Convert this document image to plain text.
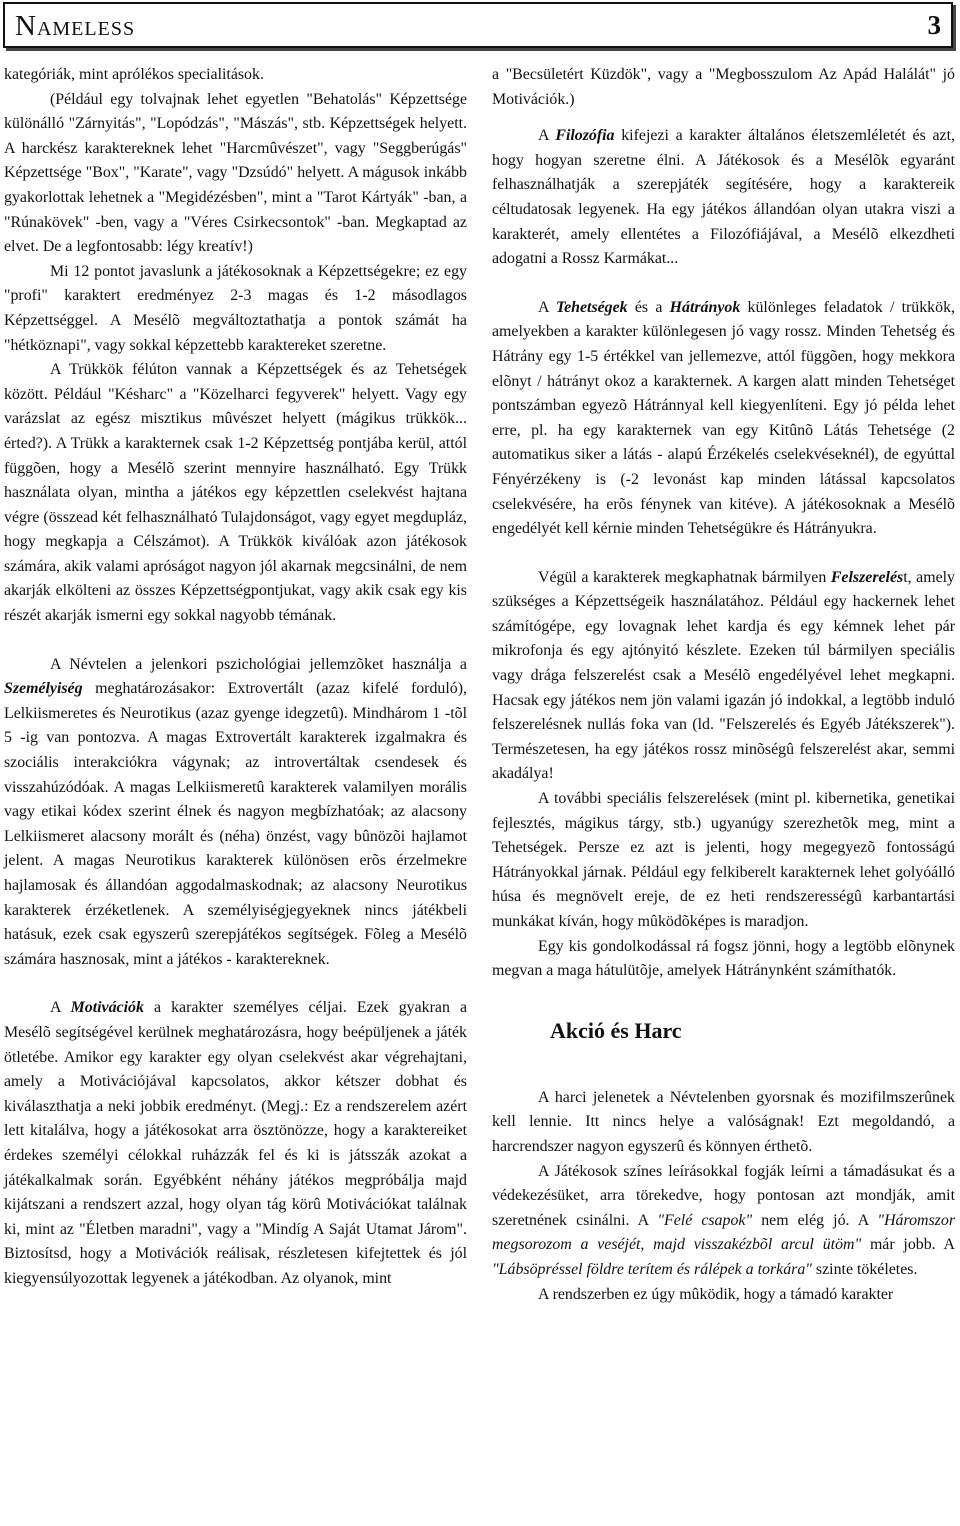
Nameless	3

kategóriák, mint aprólékos specialitások.

(Például egy tolvajnak lehet egyetlen "Behatolás" Képzettsége különálló "Zárnyitás", "Lopódzás", "Mászás", stb. Képzettségek helyett. A harckész karaktereknek lehet "Harcmûvészet", vagy "Seggberúgás" Képzettsége "Box", "Karate", vagy "Dzsúdó" helyett. A mágusok inkább gyakorlottak lehetnek a "Megidézésben", mint a "Tarot Kártyák" -ban, a "Rúnakövek" -ben, vagy a "Véres Csirkecsontok" -ban. Megkaptad az elvet. De a legfontosabb: légy kreatív!)

Mi 12 pontot javaslunk a játékosoknak a Képzettségekre; ez egy "profi" karaktert eredményez 2-3 magas és 1-2 másodlagos Képzettséggel. A Mesélõ megváltoztathatja a pontok számát ha "hétköznapi", vagy sokkal képzettebb karaktereket szeretne.

A Trükkök félúton vannak a Képzettségek és az Tehetségek között. Például "Késharc" a "Közelharci fegyverek" helyett. Vagy egy varázslat az egész misztikus mûvészet helyett (mágikus trükkök... érted?). A Trükk a karakternek csak 1-2 Képzettség pontjába kerül, attól függõen, hogy a Mesélõ szerint mennyire használható. Egy Trükk használata olyan, mintha a játékos egy képzettlen cselekvést hajtana végre (összead két felhasználható Tulajdonságot, vagy egyet megdupláz, hogy megkapja a Célszámot). A Trükkök kiválóak azon játékosok számára, akik valami apróságot nagyon jól akarnak megcsinálni, de nem akarják elkölteni az összes Képzettségpontjukat, vagy akik csak egy kis részét akarják ismerni egy sokkal nagyobb témának.

A Névtelen a jelenkori pszichológiai jellemzõket használja a Személyiség meghatározásakor: Extrovertált (azaz kifelé forduló), Lelkiismeretes és Neurotikus (azaz gyenge idegzetû). Mindhárom 1 -tõl 5 -ig van pontozva. A magas Extrovertált karakterek izgalmakra és szociális interakciókra vágynak; az introvertáltak csendesek és visszahúzódóak. A magas Lelkiismeretû karakterek valamilyen morális vagy etikai kódex szerint élnek és nagyon megbízhatóak; az alacsony Lelkiismeret alacsony morált és (néha) önzést, vagy bûnözõi hajlamot jelent. A magas Neurotikus karakterek különösen erõs érzelmekre hajlamosak és állandóan aggodalmaskodnak; az alacsony Neurotikus karakterek érzéketlenek. A személyiségjegyeknek nincs játékbeli hatásuk, ezek csak egyszerû szerepjátékos segítségek. Fõleg a Mesélõ számára hasznosak, mint a játékos - karaktereknek.

A Motivációk a karakter személyes céljai. Ezek gyakran a Mesélõ segítségével kerülnek meghatározásra, hogy beépüljenek a játék ötletébe. Amikor egy karakter egy olyan cselekvést akar végrehajtani, amely a Motivációjával kapcsolatos, akkor kétszer dobhat és kiválaszthatja a neki jobbik eredményt. (Megj.: Ez a rendszerelem azért lett kitalálva, hogy a játékosokat arra ösztönözze, hogy a karaktereiket érdekes személyi célokkal ruházzák fel és ki is játsszák azokat a játékalkalmak során. Egyébként néhány játékos megpróbálja majd kijátszani a rendszert azzal, hogy olyan tág körû Motivációkat találnak ki, mint az "Életben maradni", vagy a "Mindíg A Saját Utamat Járom". Biztosítsd, hogy a Motivációk reálisak, részletesen kifejtettek és jól kiegyensúlyozottak legyenek a játékodban. Az olyanok, mint

a "Becsületért Küzdök", vagy a "Megbosszulom Az Apád Halálát" jó Motivációk.)

A Filozófia kifejezi a karakter általános életszemléletét és azt, hogy hogyan szeretne élni. A Játékosok és a Mesélõk egyaránt felhasználhatják a szerepjáték segítésére, hogy a karaktereik céltudatosak legyenek. Ha egy játékos állandóan olyan utakra viszi a karakterét, amely ellentétes a Filozófiájával, a Mesélõ elkezdheti adogatni a Rossz Karmákat...

A Tehetségek és a Hátrányok különleges feladatok / trükkök, amelyekben a karakter különlegesen jó vagy rossz. Minden Tehetség és Hátrány egy 1-5 értékkel van jellemezve, attól függõen, hogy mekkora elõnyt / hátrányt okoz a karakternek. A kargen alatt minden Tehetséget pontszámban egyezõ Hátránnyal kell kiegyenlíteni. Egy jó példa lehet erre, pl. ha egy karakternek van egy Kitûnõ Látás Tehetsége (2 automatikus siker a látás - alapú Érzékelés cselekvéseknél), de egyúttal Fényérzékeny is (-2 levonást kap minden látással kapcsolatos cselekvésére, ha erõs fénynek van kitéve). A játékosoknak a Mesélõ engedélyét kell kérnie minden Tehetségükre és Hátrányukra.

Végül a karakterek megkaphatnak bármilyen Felszerelést, amely szükséges a Képzettségeik használatához. Például egy hackernek lehet számítógépe, egy lovagnak lehet kardja és egy kémnek lehet pár mikrofonja és egy ajtónyitó készlete. Ezeken túl bármilyen speciális vagy drága felszerelést csak a Mesélõ engedélyével lehet megkapni. Hacsak egy játékos nem jön valami igazán jó indokkal, a legtöbb induló felszerelésnek nullás foka van (ld. "Felszerelés és Egyéb Játékszerek"). Természetesen, ha egy játékos rossz minõségû felszerelést akar, semmi akadálya!

A további speciális felszerelések (mint pl. kibernetika, genetikai fejlesztés, mágikus tárgy, stb.) ugyanúgy szerezhetõk meg, mint a Tehetségek. Persze ez azt is jelenti, hogy megegyezõ fontosságú Hátrányokkal járnak. Például egy felkiberelt karakternek lehet golyóálló húsa és megnövelt ereje, de ez heti rendszerességû karbantartási munkákat kíván, hogy mûködõképes is maradjon.

Egy kis gondolkodással rá fogsz jönni, hogy a legtöbb elõnynek megvan a maga hátulütõje, amelyek Hátránynként számíthatók.

Akció és Harc

A harci jelenetek a Névtelenben gyorsnak és mozifilmszerûnek kell lennie. Itt nincs helye a valóságnak! Ezt megoldandó, a harcrendszer nagyon egyszerû és könnyen érthetõ.

A Játékosok színes leírásokkal fogják leírni a támadásukat és a védekezésüket, arra törekedve, hogy pontosan azt mondják, amit szeretnének csinálni. A "Felé csapok" nem elég jó. A "Háromszor megsorozom a veséjét, majd visszakézbõl arcul ütöm" már jobb. A "Lábsöpréssel földre terítem és rálépek a torkára" szinte tökéletes.

A rendszerben ez úgy mûködik, hogy a támadó karakter
